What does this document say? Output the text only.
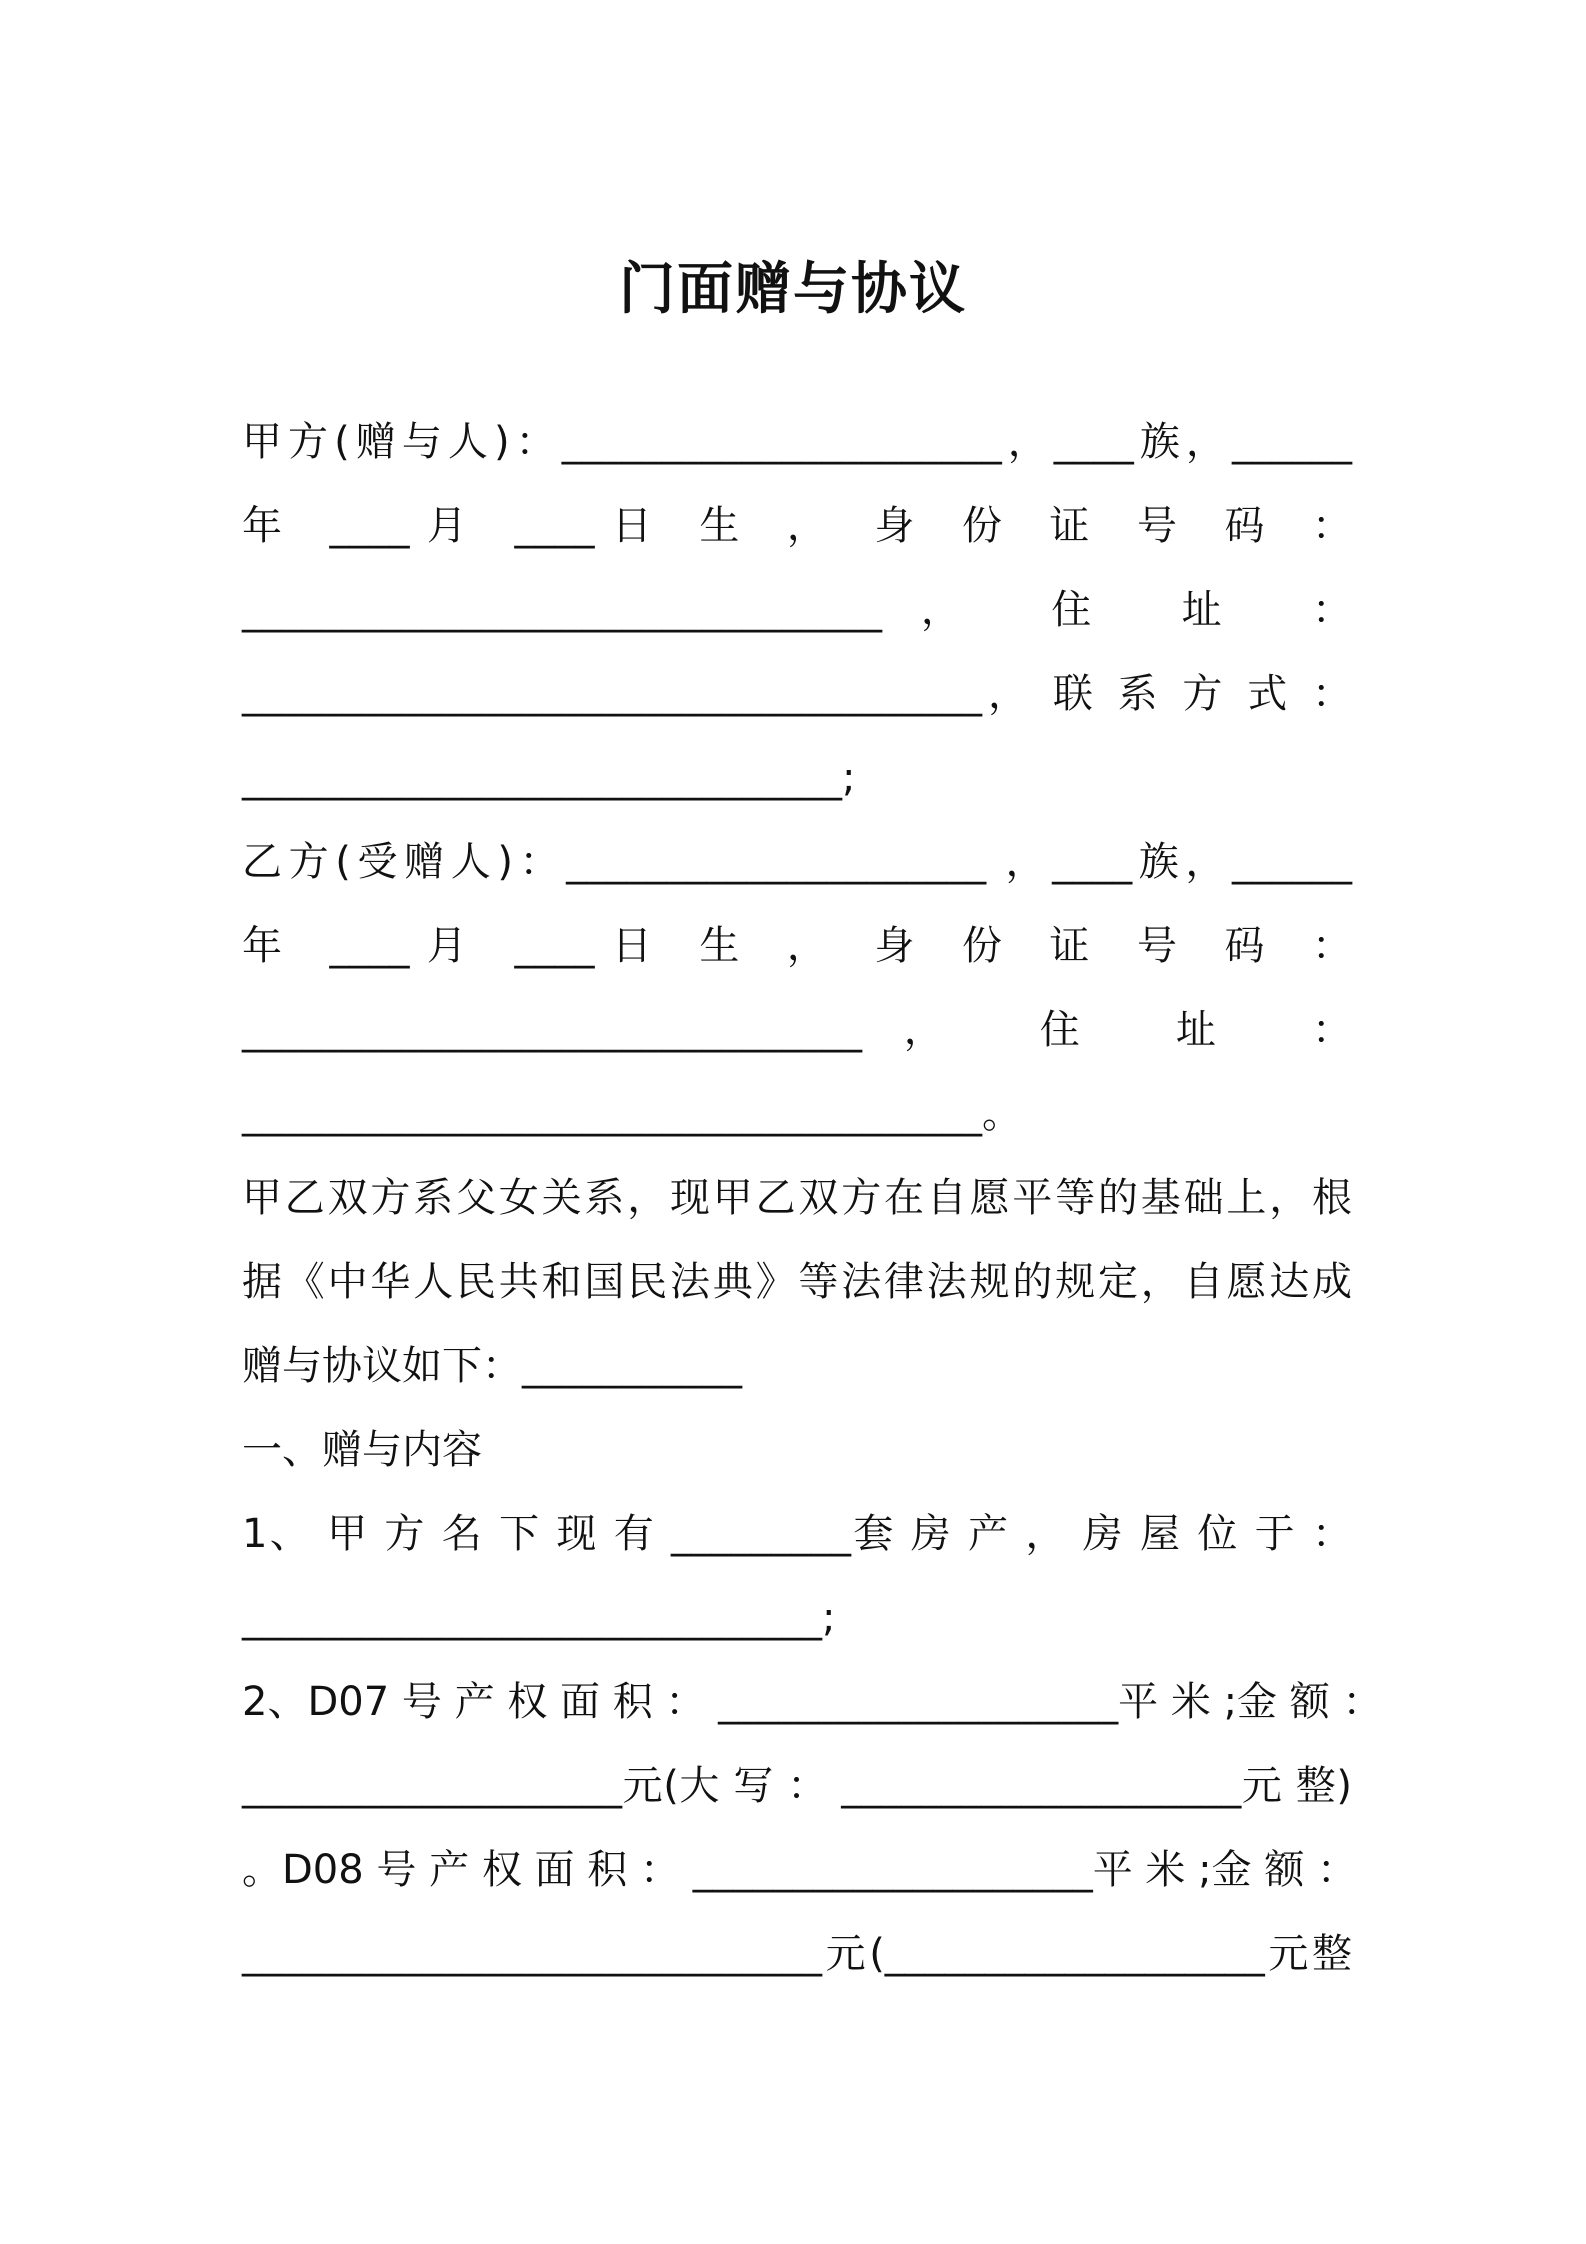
门面赠与协议
甲方(赠与人)：______________________，____族，______
年 ____月 ____日 生 ， 身 份 证 号 码 ：
________________________________， 住 址 ：
_____________________________________， 联 系 方 式 ：
______________________________;
乙方(受赠人)：_____________________ ，____族，______
年 ____月 ____日 生 ， 身 份 证 号 码 ：
_______________________________， 住 址 ：
_____________________________________。
甲乙双方系父女关系，现甲乙双方在自愿平等的基础上，根
据《中华人民共和国民法典》等法律法规的规定，自愿达成
赠与协议如下：___________
一、赠与内容
1、 甲 方 名 下 现 有 _________套 房 产 ， 房 屋 位 于 ：
_____________________________;
2、D07 号 产 权 面 积 ： ____________________平 米 ;金 额 ：
___________________元(大 写 ： ____________________元 整)
。D08 号 产 权 面 积 ： ____________________平 米 ;金 额 ：
_____________________________元(___________________元整
